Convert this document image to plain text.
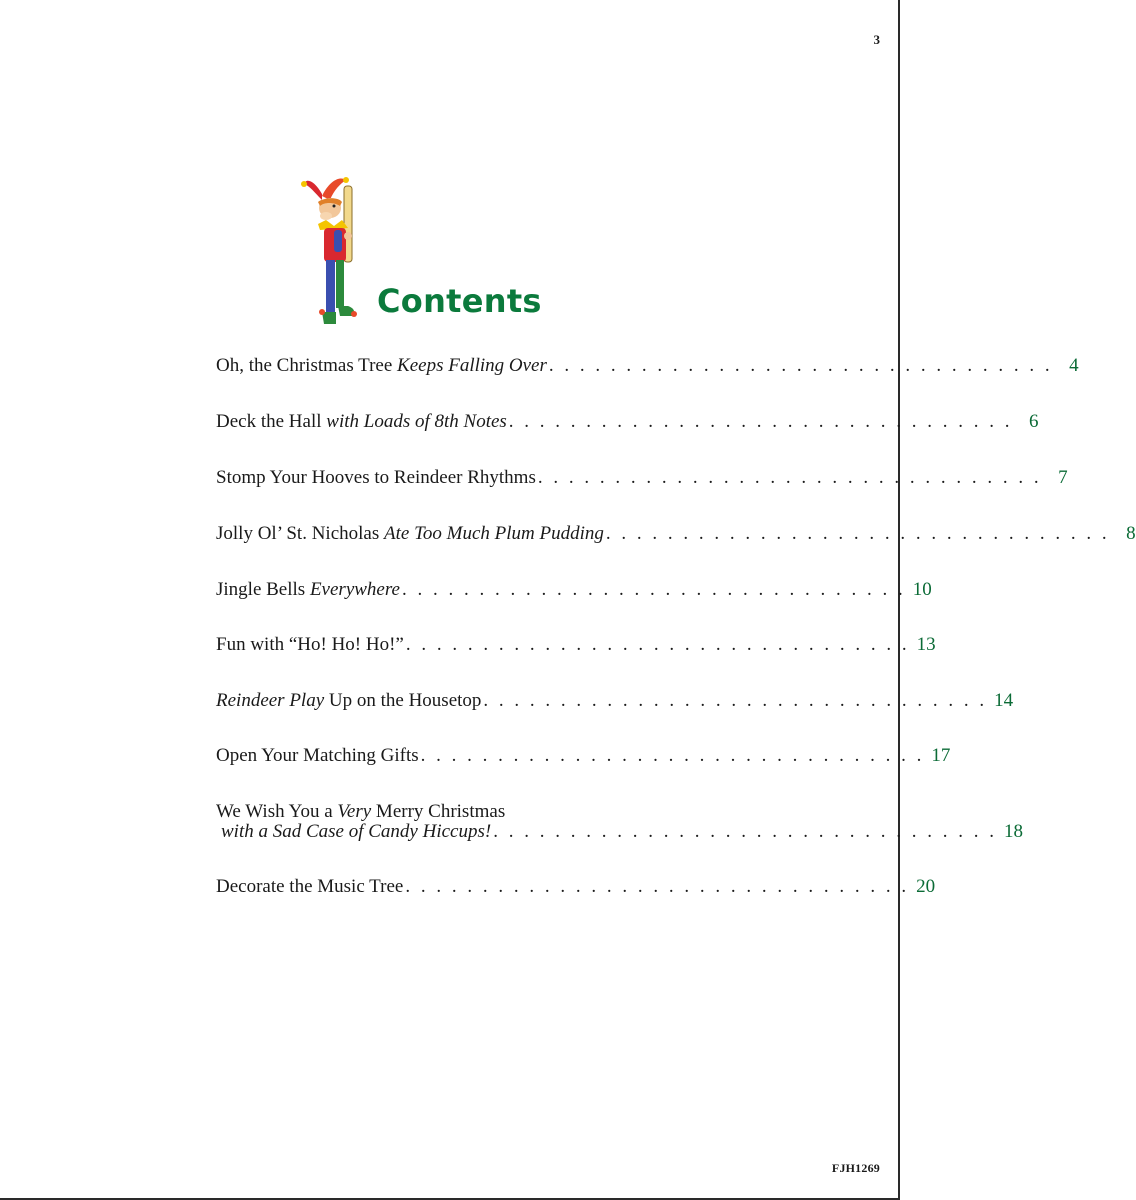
3
Contents
Oh, the Christmas Tree Keeps Falling Over . . . . . . . . . . . . . . . . . . . . . . . . . . . . . . . . . 4
Deck the Hall with Loads of 8th Notes . . . . . . . . . . . . . . . . . . . . . . . . . . . . . . . . . 6
Stomp Your Hooves to Reindeer Rhythms . . . . . . . . . . . . . . . . . . . . . . . . . . . . . . . . . 7
Jolly Ol’ St. Nicholas Ate Too Much Plum Pudding . . . . . . . . . . . . . . . . . . . . . . . . . . . . . . . . . 8
Jingle Bells Everywhere . . . . . . . . . . . . . . . . . . . . . . . . . . . . . . . . . 10
Fun with “Ho! Ho! Ho!” . . . . . . . . . . . . . . . . . . . . . . . . . . . . . . . . . 13
Reindeer Play Up on the Housetop . . . . . . . . . . . . . . . . . . . . . . . . . . . . . . . . . 14
Open Your Matching Gifts . . . . . . . . . . . . . . . . . . . . . . . . . . . . . . . . . 17
We Wish You a Very Merry Christmas
with a Sad Case of Candy Hiccups! . . . . . . . . . . . . . . . . . . . . . . . . . . . . . . . . . 18
Decorate the Music Tree . . . . . . . . . . . . . . . . . . . . . . . . . . . . . . . . . 20
FJH1269
